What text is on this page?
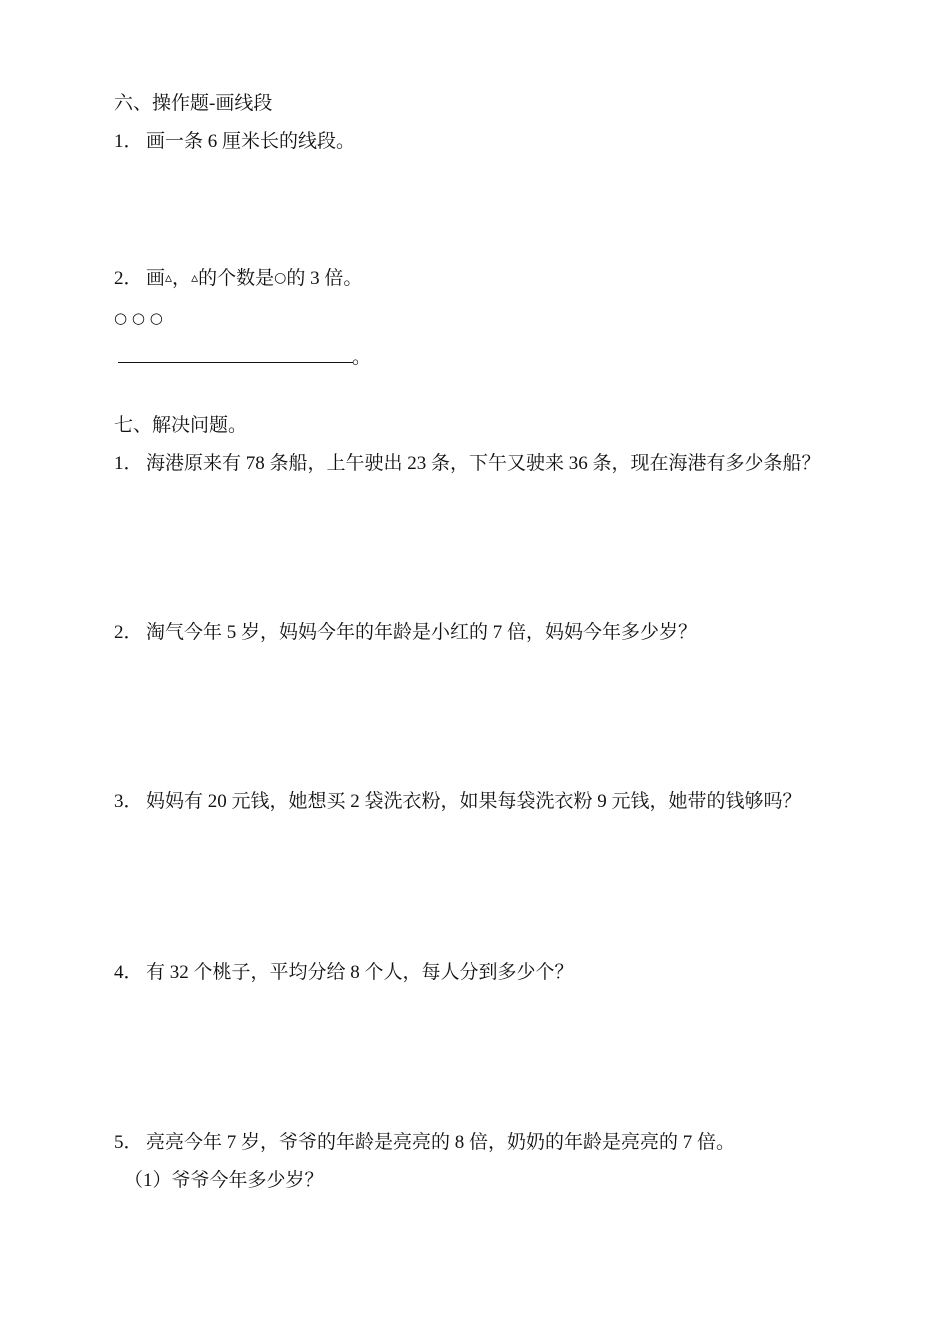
六、操作题-画线段
1． 画一条 6 厘米长的线段。
2． 画▵，▵的个数是○的 3 倍。
○ ○ ○
。
七、解决问题。
1． 海港原来有 78 条船，上午驶出 23 条，下午又驶来 36 条，现在海港有多少条船？
2． 淘气今年 5 岁，妈妈今年的年龄是小红的 7 倍，妈妈今年多少岁？
3． 妈妈有 20 元钱，她想买 2 袋洗衣粉，如果每袋洗衣粉 9 元钱，她带的钱够吗？
4． 有 32 个桃子，平均分给 8 个人，每人分到多少个？
5． 亮亮今年 7 岁，爷爷的年龄是亮亮的 8 倍，奶奶的年龄是亮亮的 7 倍。
（1）爷爷今年多少岁？
